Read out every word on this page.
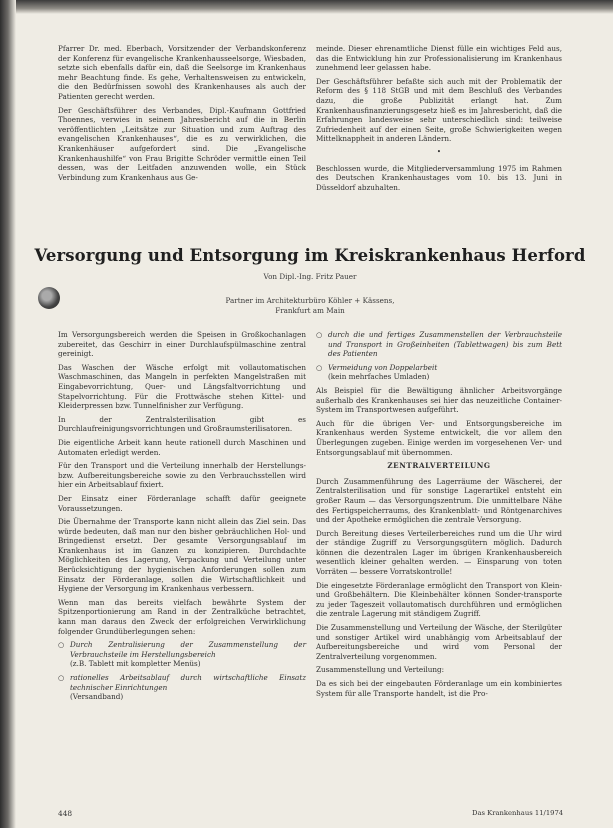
Pfarrer Dr. med. Eberbach, Vorsitzender der Verbandskonferenz der Konferenz für evangelische Krankenhausseelsorge, Wiesbaden, setzte sich ebenfalls dafür ein, daß die Seelsorge im Krankenhaus mehr Beachtung finde. Es gehe, Verhaltensweisen zu entwickeln, die den Bedürfnissen sowohl des Krankenhauses als auch der Patienten gerecht werden.

Der Geschäftsführer des Verbandes, Dipl.-Kaufmann Gottfried Thoennes, verwies in seinem Jahresbericht auf die in Berlin veröffentlichten „Leitsätze zur Situation und zum Auftrag des evangelischen Krankenhauses“, die es zu verwirklichen, die Krankenhäuser aufgefordert sind. Die „Evangelische Krankenhaushilfe“ von Frau Brigitte Schröder vermittle einen Teil dessen, was der Leitfaden anzuwenden wolle, ein Stück Verbindung zum Krankenhaus aus Ge-

meinde. Dieser ehrenamtliche Dienst fülle ein wichtiges Feld aus, das die Entwicklung hin zur Professionalisierung im Krankenhaus zunehmend leer gelassen habe.

Der Geschäftsführer befaßte sich auch mit der Problematik der Reform des § 118 StGB und mit dem Beschluß des Verbandes dazu, die große Publizität erlangt hat. Zum Krankenhausfinanzierungsgesetz hieß es im Jahresbericht, daß die Erfahrungen landesweise sehr unterschiedlich sind: teilweise Zufriedenheit auf der einen Seite, große Schwierigkeiten wegen Mittelknappheit in anderen Ländern.

•

Beschlossen wurde, die Mitgliederversammlung 1975 im Rahmen des Deutschen Krankenhaustages vom 10. bis 13. Juni in Düsseldorf abzuhalten.

Versorgung und Entsorgung im Kreiskrankenhaus Herford
Von Dipl.-Ing. Fritz Pauer
Partner im Architekturbüro Köhler + Kässens,
Frankfurt am Main

Im Versorgungsbereich werden die Speisen in Großkochanlagen zubereitet, das Geschirr in einer Durchlaufspülmaschine zentral gereinigt.

Das Waschen der Wäsche erfolgt mit vollautomatischen Waschmaschinen, das Mangeln in perfekten Mangelstraßen mit Eingabevorrichtung, Quer- und Längsfaltvorrichtung und Stapelvorrichtung. Für die Frottwäsche stehen Kittel- und Kleiderpressen bzw. Tunnelfinisher zur Verfügung.

In der Zentralsterilisation gibt es Durchlaufreinigungsvorrichtungen und Großraumsterilisatoren.

Die eigentliche Arbeit kann heute rationell durch Maschinen und Automaten erledigt werden.

Für den Transport und die Verteilung innerhalb der Herstellungs- bzw. Aufbereitungsbereiche sowie zu den Verbrauchsstellen wird hier ein Arbeitsablauf fixiert.

Der Einsatz einer Förderanlage schafft dafür geeignete Voraussetzungen.

Die Übernahme der Transporte kann nicht allein das Ziel sein. Das würde bedeuten, daß man nur den bisher gebräuchlichen Hol- und Bringedienst ersetzt. Der gesamte Versorgungsablauf im Krankenhaus ist im Ganzen zu konzipieren. Durchdachte Möglichkeiten des Lagerung, Verpackung und Verteilung unter Berücksichtigung der hygienischen Anforderungen sollen zum Einsatz der Förderanlage, sollen die Wirtschaftlichkeit und Hygiene der Versorgung im Krankenhaus verbessern.

Wenn man das bereits vielfach bewährte System der Spitzenportionierung am Rand in der Zentralküche betrachtet, kann man daraus den Zweck der erfolgreichen Verwirklichung folgender Grundüberlegungen sehen:

○ Durch Zentralisierung der Zusammenstellung der Verbrauchsteile im Herstellungsbereich
(z.B. Tablett mit kompletter Menüs)
○ rationelles Arbeitsablauf durch wirtschaftliche Einsatz technischer Einrichtungen
(Versandband)
○ durch die und fertiges Zusammenstellen der Verbrauchsteile und Transport in Großeinheiten (Tablettwagen) bis zum Bett des Patienten
○ Vermeidung von Doppelarbeit
(kein mehrfaches Umladen)

Als Beispiel für die Bewältigung ähnlicher Arbeitsvorgänge außerhalb des Krankenhauses sei hier das neuzeitliche Container-System im Transportwesen aufgeführt.

Auch für die übrigen Ver- und Entsorgungsbereiche im Krankenhaus werden Systeme entwickelt, die vor allem den Überlegungen zugeben. Einige werden im vorgesehenen Ver- und Entsorgungsablauf mit übernommen.

ZENTRALVERTEILUNG

Durch Zusammenführung des Lagerräume der Wäscherei, der Zentralsterilisation und für sonstige Lagerartikel entsteht ein großer Raum — das Versorgungszentrum. Die unmittelbare Nähe des Fertigspeicherraums, des Krankenblatt- und Röntgenarchives und der Apotheke ermöglichen die zentrale Versorgung.

Durch Bereitung dieses Verteilerbereiches rund um die Uhr wird der ständige Zugriff zu Versorgungsgütern möglich. Dadurch können die dezentralen Lager im übrigen Krankenhausbereich wesentlich kleiner gehalten werden. — Einsparung von toten Vorräten — bessere Vorratskontrolle!

Die eingesetzte Förderanlage ermöglicht den Transport von Klein- und Großbehältern. Die Kleinbehälter können Sonder-transporte zu jeder Tageszeit vollautomatisch durchführen und ermöglichen die zentrale Lagerung mit ständigem Zugriff.

Die Zusammenstellung und Verteilung der Wäsche, der Sterilgüter und sonstiger Artikel wird unabhängig vom Arbeitsablauf der Aufbereitungsbereiche und wird vom Personal der Zentralverteilung vorgenommen.

Zusammenstellung und Verteilung:

Da es sich bei der eingebauten Förderanlage um ein kombiniertes System für alle Transporte handelt, ist die Pro-

448	Das Krankenhaus 11/1974
